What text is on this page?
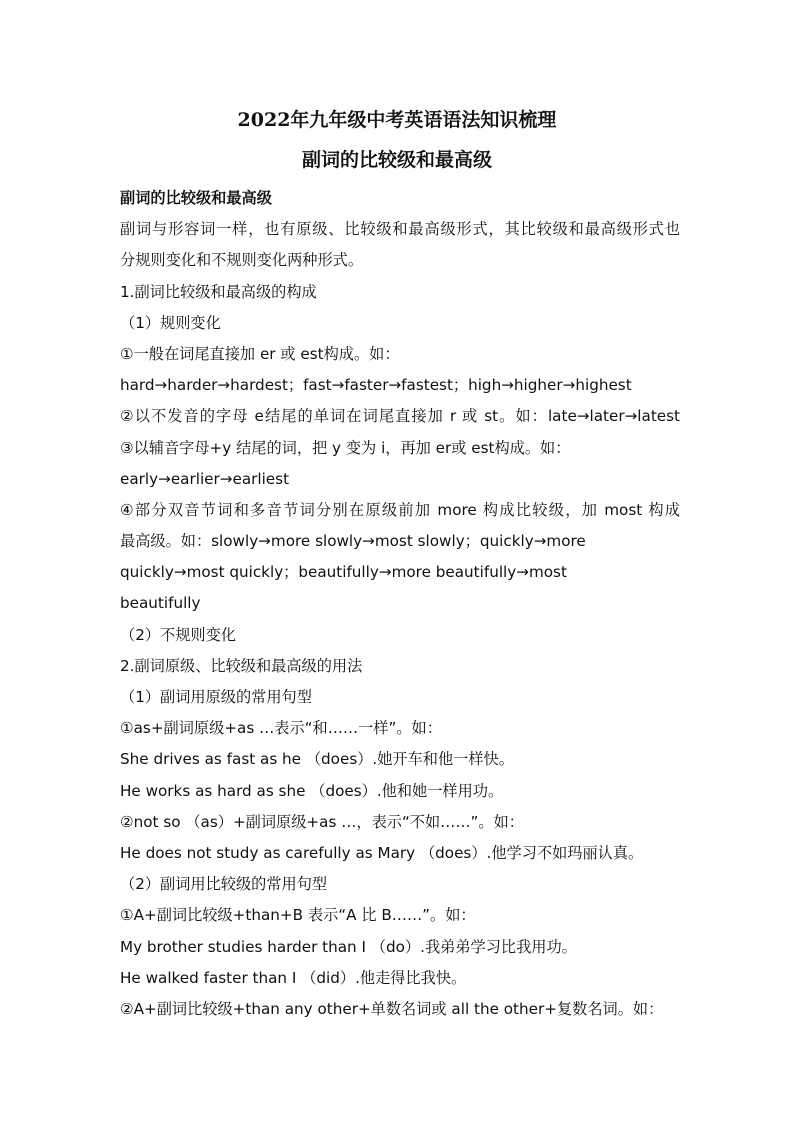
2022年九年级中考英语语法知识梳理
副词的比较级和最高级

副词的比较级和最高级

副词与形容词一样，也有原级、比较级和最高级形式，其比较级和最高级形式也

分规则变化和不规则变化两种形式。

1.副词比较级和最高级的构成

（1）规则变化

①一般在词尾直接加 er 或 est构成。如：

hard→harder→hardest；fast→faster→fastest；high→higher→highest

②以不发音的字母 e结尾的单词在词尾直接加 r 或 st。如：late→later→latest

③以辅音字母+y 结尾的词，把 y 变为 i，再加 er或 est构成。如：

early→earlier→earliest

④部分双音节词和多音节词分别在原级前加 more 构成比较级，加 most 构成

最高级。如：slowly→more slowly→most slowly；quickly→more

quickly→most quickly；beautifully→more beautifully→most

beautifully

（2）不规则变化

2.副词原级、比较级和最高级的用法

（1）副词用原级的常用句型

①as+副词原级+as …表示“和……一样”。如：

She drives as fast as he （does）.她开车和他一样快。

He works as hard as she （does）.他和她一样用功。

②not so （as）+副词原级+as …，表示“不如……”。如：

He does not study as carefully as Mary （does）.他学习不如玛丽认真。

（2）副词用比较级的常用句型

①A+副词比较级+than+B 表示“A 比 B……”。如：

My brother studies harder than I （do）.我弟弟学习比我用功。

He walked faster than I （did）.他走得比我快。

②A+副词比较级+than any other+单数名词或 all the other+复数名词。如：
